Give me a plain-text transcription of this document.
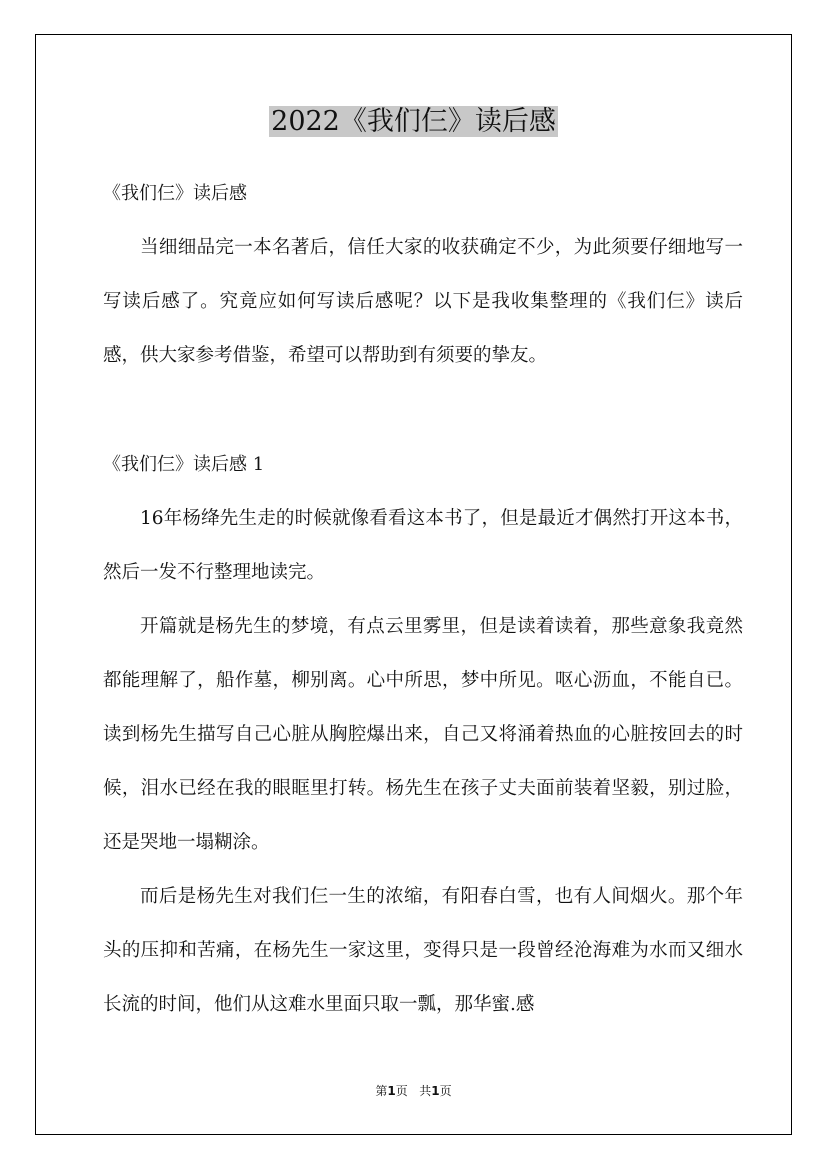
2022《我们仨》读后感
《我们仨》读后感

当细细品完一本名著后，信任大家的收获确定不少，为此须要仔细地写一写读后感了。究竟应如何写读后感呢？以下是我收集整理的《我们仨》读后感，供大家参考借鉴，希望可以帮助到有须要的挚友。

《我们仨》读后感 1

16年杨绛先生走的时候就像看看这本书了，但是最近才偶然打开这本书，然后一发不行整理地读完。

开篇就是杨先生的梦境，有点云里雾里，但是读着读着，那些意象我竟然都能理解了，船作墓，柳别离。心中所思，梦中所见。呕心沥血，不能自已。读到杨先生描写自己心脏从胸腔爆出来，自己又将涌着热血的心脏按回去的时候，泪水已经在我的眼眶里打转。杨先生在孩子丈夫面前装着坚毅，别过脸，还是哭地一塌糊涂。

而后是杨先生对我们仨一生的浓缩，有阳春白雪，也有人间烟火。那个年头的压抑和苦痛，在杨先生一家这里，变得只是一段曾经沧海难为水而又细水长流的时间，他们从这难水里面只取一瓢，那华蜜.感

第1页 共1页
